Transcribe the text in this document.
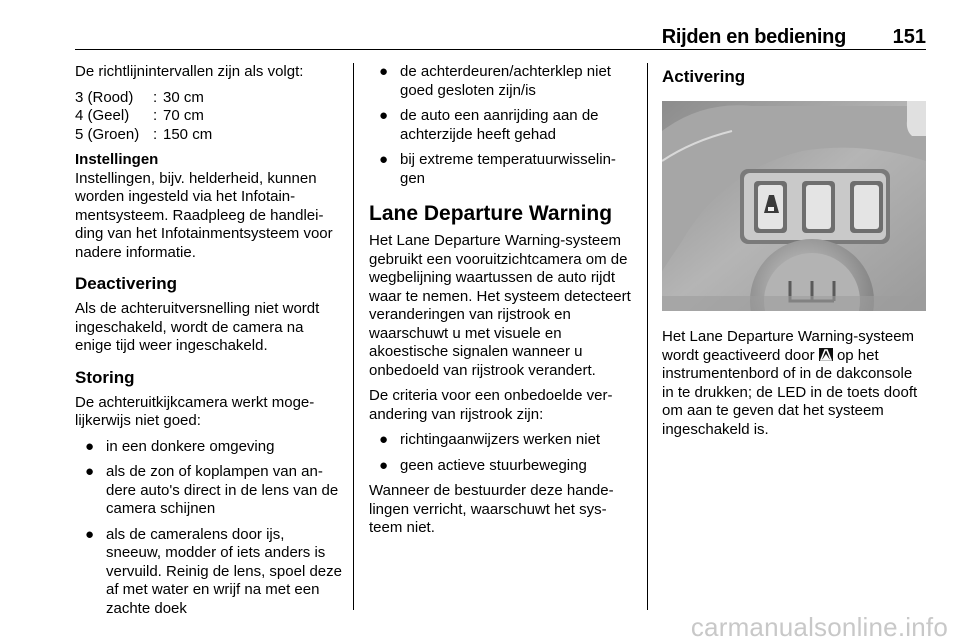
Rijden en bediening 151

De richtlijnintervallen zijn als volgt:

3 (Rood)	: 30 cm
4 (Geel)	: 70 cm
5 (Groen) : 150 cm
Instellingen

Instellingen, bijv. helderheid, kunnen worden ingesteld via het Infotainmentsysteem. Raadpleeg de handleiding van het Infotainmentsysteem voor nadere informatie.

Deactivering

Als de achteruitversnelling niet wordt ingeschakeld, wordt de camera na enige tijd weer ingeschakeld.

Storing

De achteruitkijkcamera werkt mogelijkerwijs niet goed:

● in een donkere omgeving
● als de zon of koplampen van andere auto's direct in de lens van de camera schijnen
● als de cameralens door ijs, sneeuw, modder of iets anders is vervuild. Reinig de lens, spoel deze af met water en wrijf na met een zachte doek
● de achterdeuren/achterklep niet goed gesloten zijn/is
● de auto een aanrijding aan de achterzijde heeft gehad
● bij extreme temperatuurwisselingen
Lane Departure Warning

Het Lane Departure Warning-systeem gebruikt een vooruitzichtcamera om de wegbelijning waartussen de auto rijdt waar te nemen. Het systeem detecteert veranderingen van rijstrook en waarschuwt u met visuele en akoestische signalen wanneer u onbedoeld van rijstrook verandert.

De criteria voor een onbedoelde verandering van rijstrook zijn:

● richtingaanwijzers werken niet
● geen actieve stuurbeweging

Wanneer de bestuurder deze handelingen verricht, waarschuwt het systeem niet.

Activering

Het Lane Departure Warning-systeem wordt geactiveerd door op het instrumentenbord of in de dakconsole in te drukken; de LED in de toets dooft om aan te geven dat het systeem ingeschakeld is.

carmanualsonline.info
